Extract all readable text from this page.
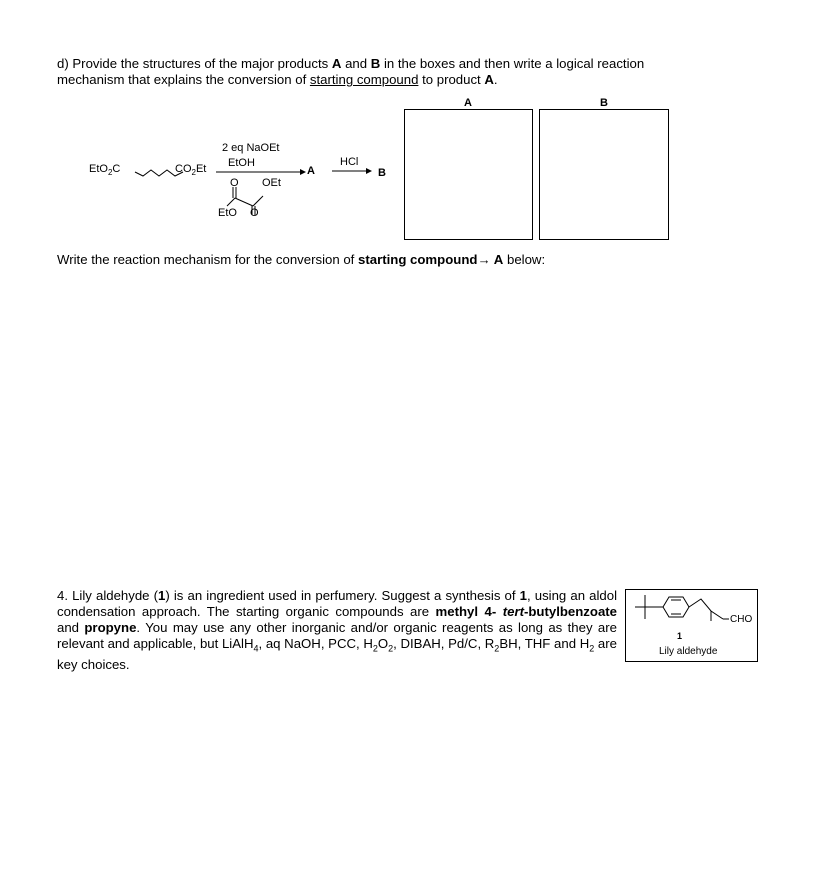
d) Provide the structures of the major products A and B in the boxes and then write a logical reaction
mechanism that explains the conversion of starting compound to product A.
A	B
EtO$_2$C	$CO_2Et$
2 eq NaOEt
EtOH
O OEt
EtO O
A
HCl
→ B
Write the reaction mechanism for the conversion of starting compound→ A below:
4. Lily aldehyde (1) is an ingredient used in perfumery. Suggest a synthesis of 1, using an aldol condensation approach. The starting organic compounds are methyl 4- tert-butylbenzoate and propyne. You may use any other inorganic and/or organic reagents as long as they are relevant and applicable, but LiAlH$_4$, aq NaOH, PCC, $H_2O_2$, DIBAH, Pd/C, $R_2BH$, THF and $H_2$ are key choices.
CHO
1
Lily aldehyde
